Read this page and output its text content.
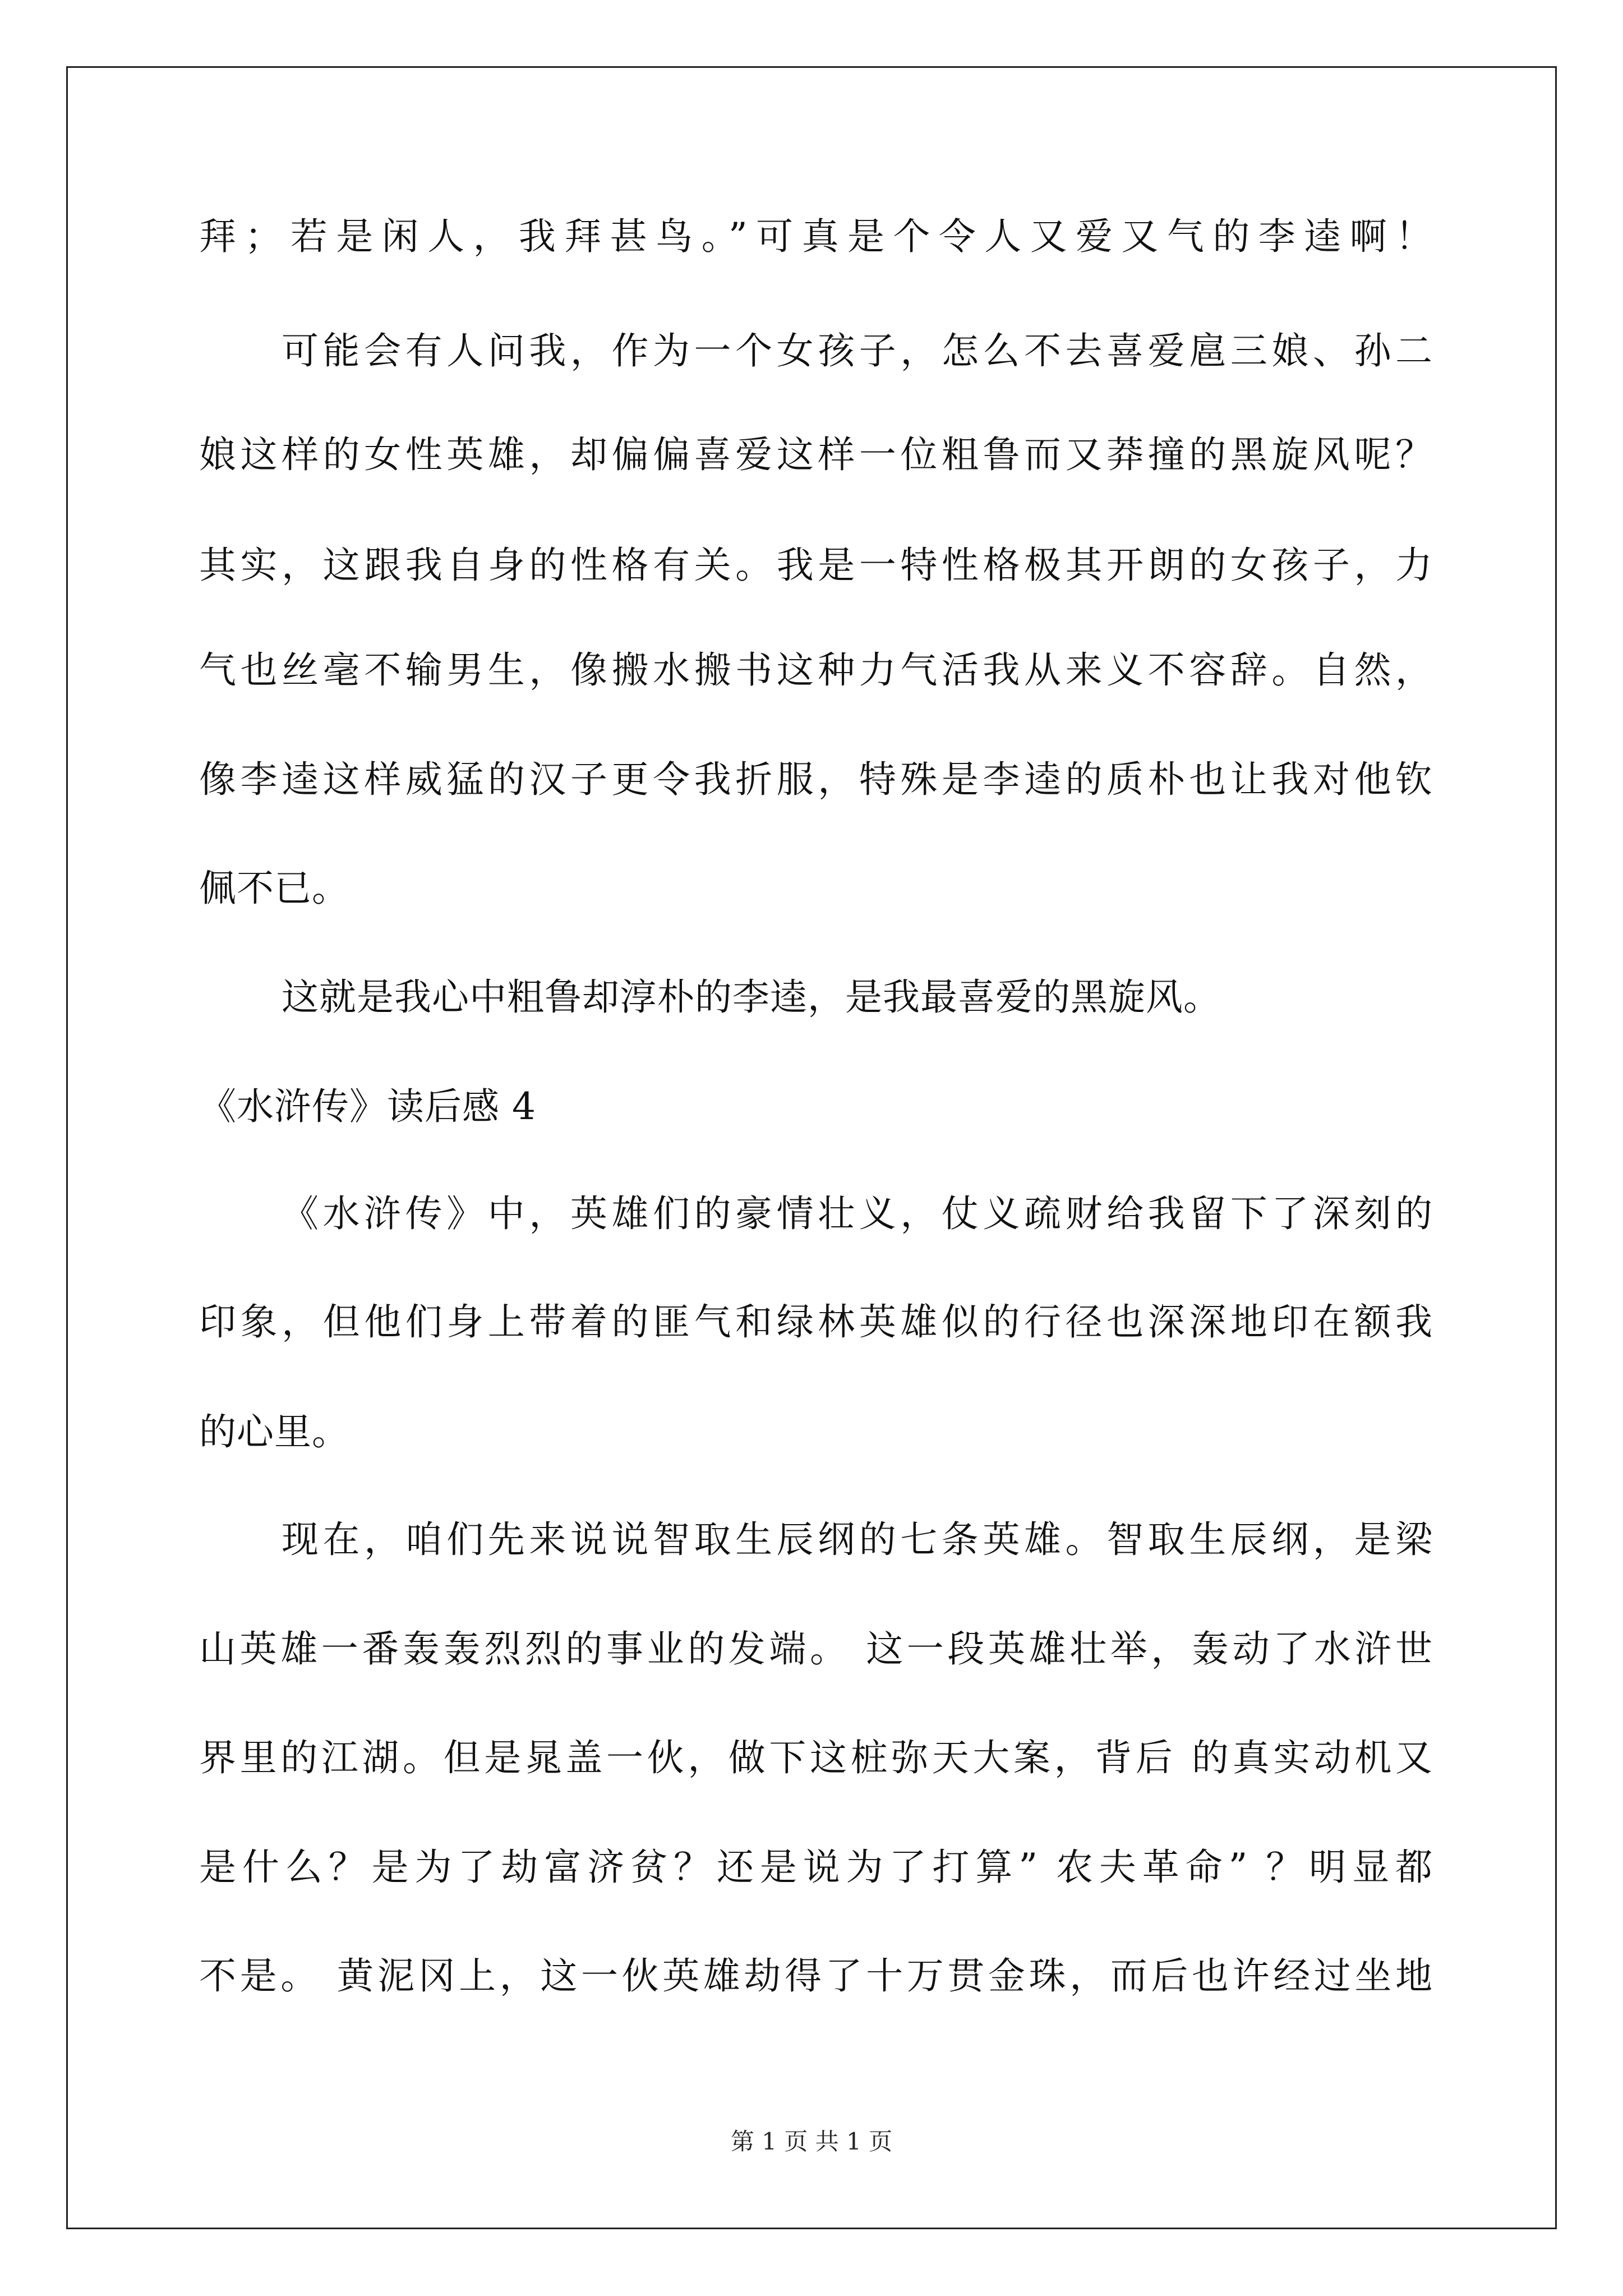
拜；若是闲人，我拜甚鸟。”可真是个令人又爱又气的李逵啊！
可能会有人问我，作为一个女孩子，怎么不去喜爱扈三娘、孙二
娘这样的女性英雄，却偏偏喜爱这样一位粗鲁而又莽撞的黑旋风呢？
其实，这跟我自身的性格有关。我是一特性格极其开朗的女孩子，力
气也丝毫不输男生，像搬水搬书这种力气活我从来义不容辞。自然，
像李逵这样威猛的汉子更令我折服，特殊是李逵的质朴也让我对他钦
佩不已。
这就是我心中粗鲁却淳朴的李逵，是我最喜爱的黑旋风。
《水浒传》读后感 4
《水浒传》中，英雄们的豪情壮义，仗义疏财给我留下了深刻的
印象，但他们身上带着的匪气和绿林英雄似的行径也深深地印在额我
的心里。
现在，咱们先来说说智取生辰纲的七条英雄。智取生辰纲，是梁
山英雄一番轰轰烈烈的事业的发端。 这一段英雄壮举，轰动了水浒世
界里的江湖。但是晁盖一伙，做下这桩弥天大案，背后 的真实动机又
是什么？是为了劫富济贫？还是说为了打算” 农夫革命” ？明显都
不是。 黄泥冈上，这一伙英雄劫得了十万贯金珠，而后也许经过坐地
第 1 页 共 1 页
